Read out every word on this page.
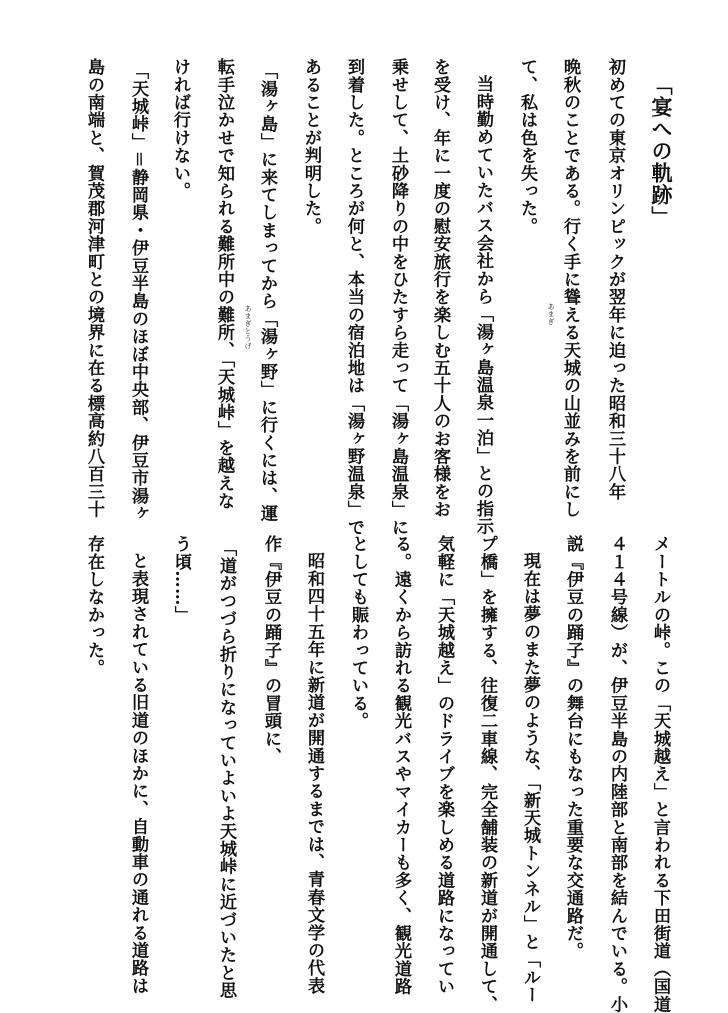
「宴への軌跡」
初めての東京オリンピックが翌年に迫った昭和三十八年
晩秋のことである。行く手に聳える天城の山並みを前にし
て、私は色を失った。
当時勤めていたバス会社から「湯ヶ島温泉一泊」との指示
を受け、年に一度の慰安旅行を楽しむ五十人のお客様をお
乗せして、土砂降りの中をひたすら走って「湯ヶ島温泉」に
到着した。ところが何と、本当の宿泊地は「湯ヶ野温泉」で
あることが判明した。
「湯ヶ島」に来てしまってから「湯ヶ野」に行くには、運
転手泣かせで知られる難所中の難所、「天城峠」を越えな
ければ行けない。
「天城峠」＝静岡県・伊豆半島のほぼ中央部、伊豆市湯ヶ
島の南端と、賀茂郡河津町との境界に在る標高約八百三十	あまぎ
あまぎとうげ
メートルの峠。この「天城越え」と言われる下田街道（国道
４１４号線）が、伊豆半島の内陸部と南部を結んでいる。小
説『伊豆の踊子』の舞台にもなった重要な交通路だ。
現在は夢のまた夢のような、「新天城トンネル」と「ルー
プ橋」を擁する、往復二車線、完全舗装の新道が開通して、
気軽に「天城越え」のドライブを楽しめる道路になってい
る。遠くから訪れる観光バスやマイカーも多く、観光道路
としても賑わっている。
昭和四十五年に新道が開通するまでは、青春文学の代表
作『伊豆の踊子』の冒頭に、
「道がつづら折りになっていよいよ天城峠に近づいたと思
う頃……」
と表現されている旧道のほかに、自動車の通れる道路は
存在しなかった。
